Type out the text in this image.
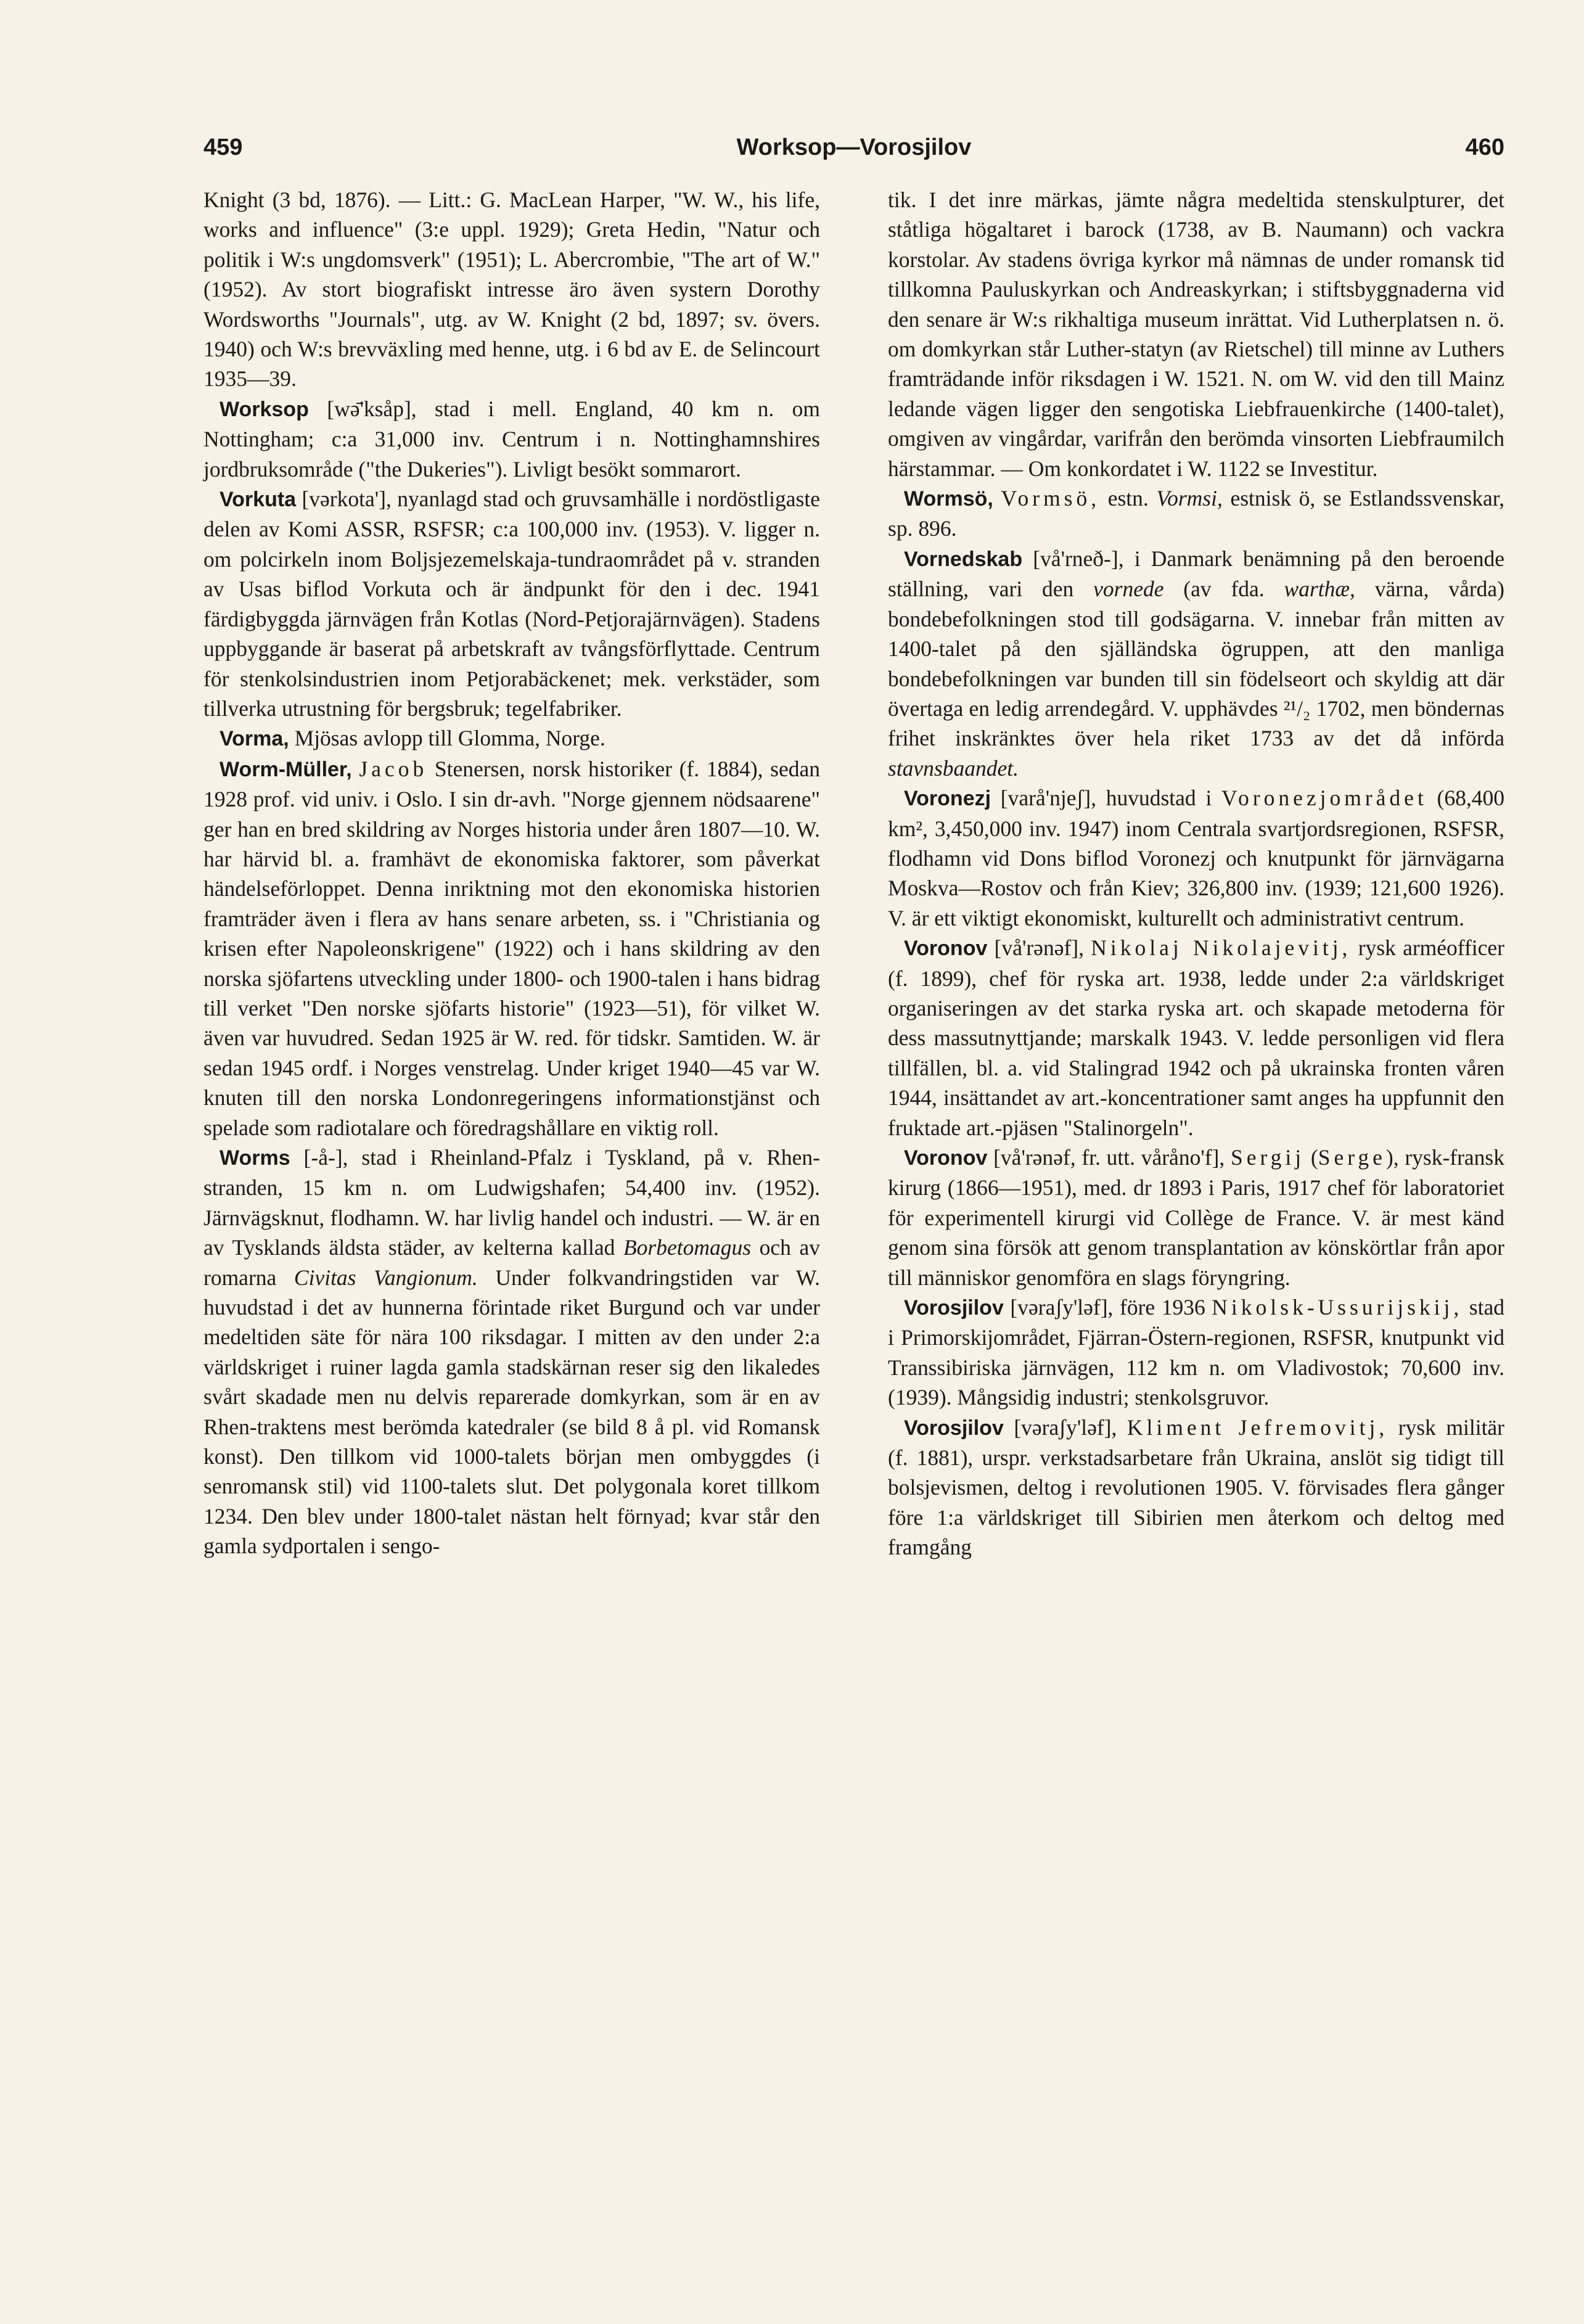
459	Worksop—Vorosjilov	460

Knight (3 bd, 1876). — Litt.: G. MacLean Harper, "W. W., his life, works and influence" (3:e uppl. 1929); Greta Hedin, "Natur och politik i W:s ungdomsverk" (1951); L. Abercrombie, "The art of W." (1952). Av stort biografiskt intresse äro även systern Dorothy Wordsworths "Journals", utg. av W. Knight (2 bd, 1897; sv. övers. 1940) och W:s brevväxling med henne, utg. i 6 bd av E. de Selincourt 1935—39.

Worksop [wə̄'ksåp], stad i mell. England, 40 km n. om Nottingham; c:a 31,000 inv. Centrum i n. Nottinghamnshires jordbruksområde ("the Dukeries"). Livligt besökt sommarort.

Vorkuta [vərkota'], nyanlagd stad och gruvsamhälle i nordöstligaste delen av Komi ASSR, RSFSR; c:a 100,000 inv. (1953). V. ligger n. om polcirkeln inom Boljsjezemelskaja-tundraområdet på v. stranden av Usas biflod Vorkuta och är ändpunkt för den i dec. 1941 färdigbyggda järnvägen från Kotlas (Nord-Petjorajärnvägen). Stadens uppbyggande är baserat på arbetskraft av tvångsförflyttade. Centrum för stenkolsindustrien inom Petjorabäckenet; mek. verkstäder, som tillverka utrustning för bergsbruk; tegelfabriker.

Vorma, Mjösas avlopp till Glomma, Norge.

Worm-Müller, Jacob Stenersen, norsk historiker (f. 1884), sedan 1928 prof. vid univ. i Oslo. I sin dr-avh. "Norge gjennem nödsaarene" ger han en bred skildring av Norges historia under åren 1807—10. W. har härvid bl. a. framhävt de ekonomiska faktorer, som påverkat händelseförloppet. Denna inriktning mot den ekonomiska historien framträder även i flera av hans senare arbeten, ss. i "Christiania og krisen efter Napoleonskrigene" (1922) och i hans skildring av den norska sjöfartens utveckling under 1800- och 1900-talen i hans bidrag till verket "Den norske sjöfarts historie" (1923—51), för vilket W. även var huvudred. Sedan 1925 är W. red. för tidskr. Samtiden. W. är sedan 1945 ordf. i Norges venstrelag. Under kriget 1940—45 var W. knuten till den norska Londonregeringens informationstjänst och spelade som radiotalare och föredragshållare en viktig roll.

Worms [-å-], stad i Rheinland-Pfalz i Tyskland, på v. Rhen-stranden, 15 km n. om Ludwigshafen; 54,400 inv. (1952). Järnvägsknut, flodhamn. W. har livlig handel och industri. — W. är en av Tysklands äldsta städer, av kelterna kallad Borbetomagus och av romarna Civitas Vangionum. Under folkvandringstiden var W. huvudstad i det av hunnerna förintade riket Burgund och var under medeltiden säte för nära 100 riksdagar. I mitten av den under 2:a världskriget i ruiner lagda gamla stadskärnan reser sig den likaledes svårt skadade men nu delvis reparerade domkyrkan, som är en av Rhen-traktens mest berömda katedraler (se bild 8 å pl. vid Romansk konst). Den tillkom vid 1000-talets början men ombyggdes (i senromansk stil) vid 1100-talets slut. Det polygonala koret tillkom 1234. Den blev under 1800-talet nästan helt förnyad; kvar står den gamla sydportalen i sengo-

tik. I det inre märkas, jämte några medeltida stenskulpturer, det ståtliga högaltaret i barock (1738, av B. Naumann) och vackra korstolar. Av stadens övriga kyrkor må nämnas de under romansk tid tillkomna Pauluskyrkan och Andreaskyrkan; i stiftsbyggnaderna vid den senare är W:s rikhaltiga museum inrättat. Vid Lutherplatsen n. ö. om domkyrkan står Luther-statyn (av Rietschel) till minne av Luthers framträdande inför riksdagen i W. 1521. N. om W. vid den till Mainz ledande vägen ligger den sengotiska Liebfrauenkirche (1400-talet), omgiven av vingårdar, varifrån den berömda vinsorten Liebfraumilch härstammar. — Om konkordatet i W. 1122 se Investitur.

Wormsö, Vormsö, estn. Vormsi, estnisk ö, se Estlandssvenskar, sp. 896.

Vornedskab [vå'rneð-], i Danmark benämning på den beroende ställning, vari den vornede (av fda. warthæ, värna, vårda) bondebefolkningen stod till godsägarna. V. innebar från mitten av 1400-talet på den själländska ögruppen, att den manliga bondebefolkningen var bunden till sin födelseort och skyldig att där övertaga en ledig arrendegård. V. upphävdes ²¹/₂ 1702, men böndernas frihet inskränktes över hela riket 1733 av det då införda stavnsbaandet.

Voronezj [varå'njeʃ], huvudstad i Voronezjområdet (68,400 km², 3,450,000 inv. 1947) inom Centrala svartjordsregionen, RSFSR, flodhamn vid Dons biflod Voronezj och knutpunkt för järnvägarna Moskva—Rostov och från Kiev; 326,800 inv. (1939; 121,600 1926). V. är ett viktigt ekonomiskt, kulturellt och administrativt centrum.

Voronov [vå'rənəf], Nikolaj Nikolajevitj, rysk arméofficer (f. 1899), chef för ryska art. 1938, ledde under 2:a världskriget organiseringen av det starka ryska art. och skapade metoderna för dess massutnyttjande; marskalk 1943. V. ledde personligen vid flera tillfällen, bl. a. vid Stalingrad 1942 och på ukrainska fronten våren 1944, insättandet av art.-koncentrationer samt anges ha uppfunnit den fruktade art.-pjäsen "Stalinorgeln".

Voronov [vå'rənəf, fr. utt. våråno'f], Sergij (Serge), rysk-fransk kirurg (1866—1951), med. dr 1893 i Paris, 1917 chef för laboratoriet för experimentell kirurgi vid Collège de France. V. är mest känd genom sina försök att genom transplantation av könskörtlar från apor till människor genomföra en slags föryngring.

Vorosjilov [vəraʃy'ləf], före 1936 Nikolsk-Ussurijskij, stad i Primorskijområdet, Fjärran-Östern-regionen, RSFSR, knutpunkt vid Transsibiriska järnvägen, 112 km n. om Vladivostok; 70,600 inv. (1939). Mångsidig industri; stenkolsgruvor.

Vorosjilov [vəraʃy'ləf], Kliment Jefremovitj, rysk militär (f. 1881), urspr. verkstadsarbetare från Ukraina, anslöt sig tidigt till bolsjevismen, deltog i revolutionen 1905. V. förvisades flera gånger före 1:a världskriget till Sibirien men återkom och deltog med framgång
